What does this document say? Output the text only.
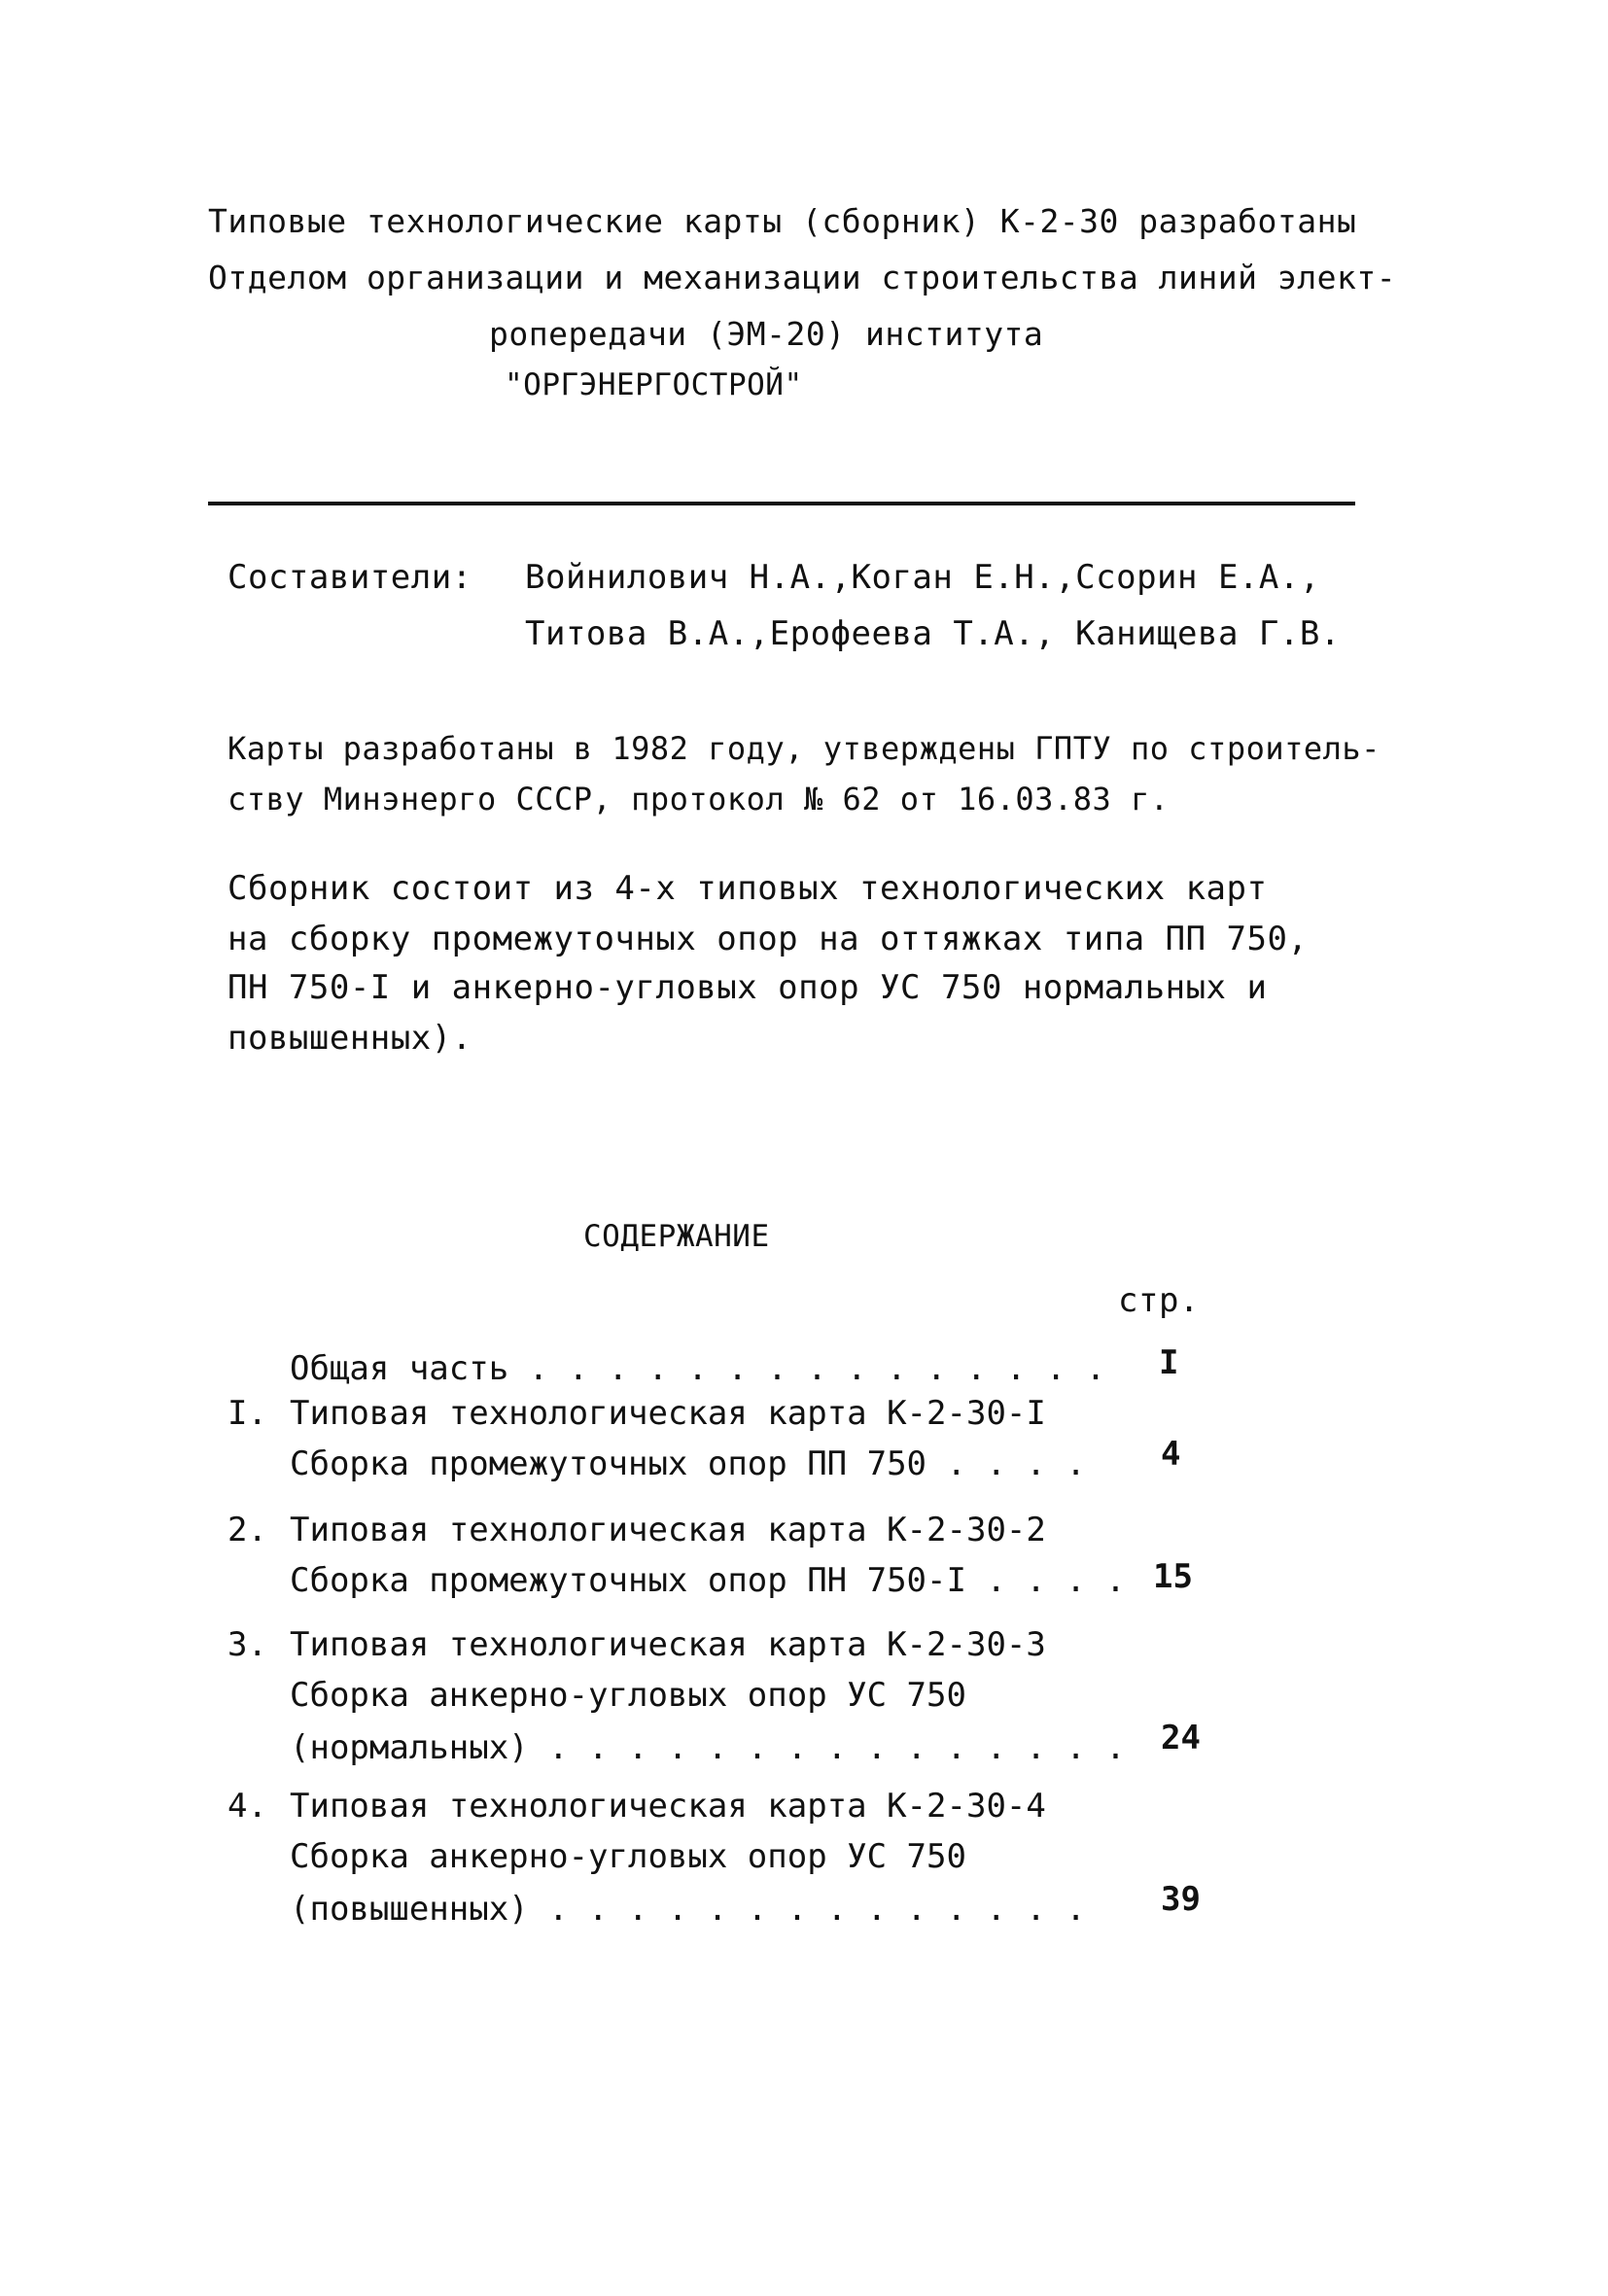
Типовые технологические карты (сборник) К-2-30 разработаны
Отделом организации и механизации строительства линий элект-
ропередачи (ЭМ-20) института
"ОРГЭНЕРГОСТРОЙ"
Составители: Войнилович Н.А.,Коган Е.Н.,Ссорин Е.А.,
Титова В.А.,Ерофеева Т.А., Канищева Г.В.
Карты разработаны в 1982 году, утверждены ГПТУ по строитель-
ству Минэнерго СССР, протокол № 62 от 16.03.83 г.
Сборник состоит из 4-х типовых технологических карт
на сборку промежуточных опор на оттяжках типа ПП 750,
ПН 750-I и анкерно-угловых опор УС 750 нормальных и
повышенных).
СОДЕРЖАНИЕ
стр.
Общая часть . . . . . . . . . . . . . . . I
I. Типовая технологическая карта К-2-30-I
Сборка промежуточных опор ПП 750 . . . . 4
2. Типовая технологическая карта К-2-30-2
Сборка промежуточных опор ПН 750-I . . . . 15
3. Типовая технологическая карта К-2-30-3
Сборка анкерно-угловых опор УС 750
(нормальных) . . . . . . . . . . . . . . . 24
4. Типовая технологическая карта К-2-30-4
Сборка анкерно-угловых опор УС 750
(повышенных) . . . . . . . . . . . . . . 39
